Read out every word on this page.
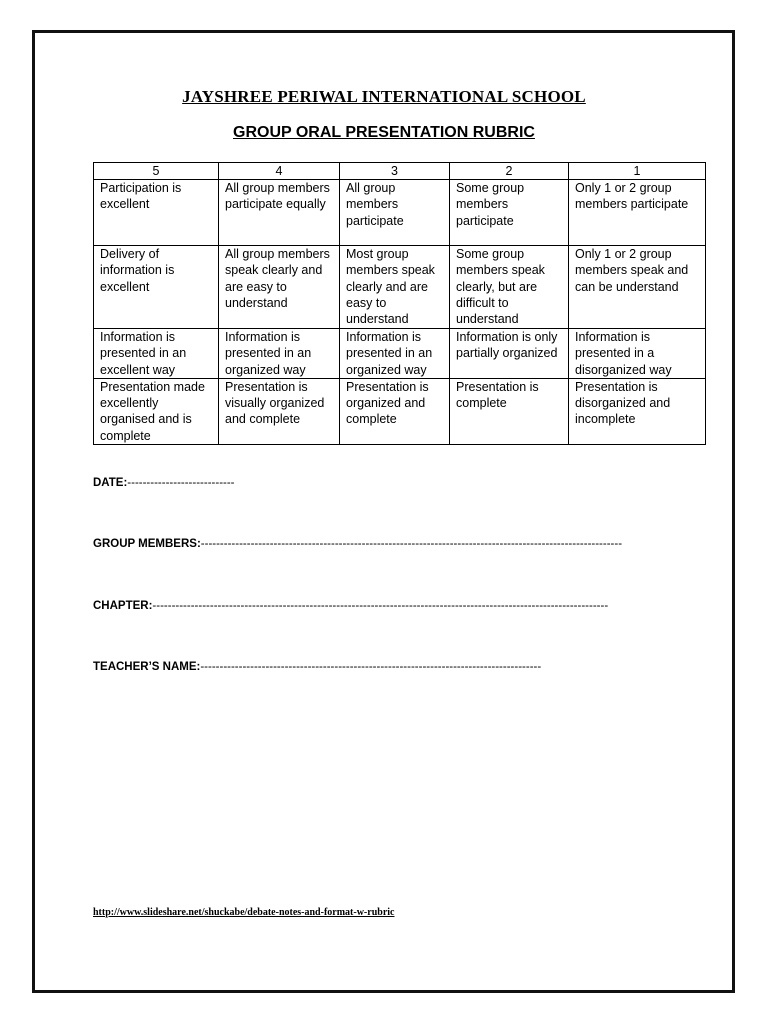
JAYSHREE PERIWAL INTERNATIONAL SCHOOL
GROUP ORAL PRESENTATION RUBRIC
5	4	3	2	1
Participation is excellent	All group members participate equally	All group members participate	Some group members participate	Only 1 or 2 group members participate
Delivery of information is excellent	All group members speak clearly and are easy to understand	Most group members speak clearly and are easy to understand	Some group members speak clearly, but are difficult to understand	Only 1 or 2 group members speak and can be understand
Information is presented in an excellent way	Information is presented in an organized way	Information is presented in an organized way	Information is only partially organized	Information is presented in a disorganized way
Presentation made excellently organised and is complete	Presentation is visually organized and complete	Presentation is organized and complete	Presentation is complete	Presentation is disorganized and incomplete
DATE:----------------------------
GROUP MEMBERS:--------------------------------------------------------------------------------------------------------------
CHAPTER:-----------------------------------------------------------------------------------------------------------------------
TEACHER’S NAME:-----------------------------------------------------------------------------------------
http://www.slideshare.net/shuckabe/debate-notes-and-format-w-rubric
